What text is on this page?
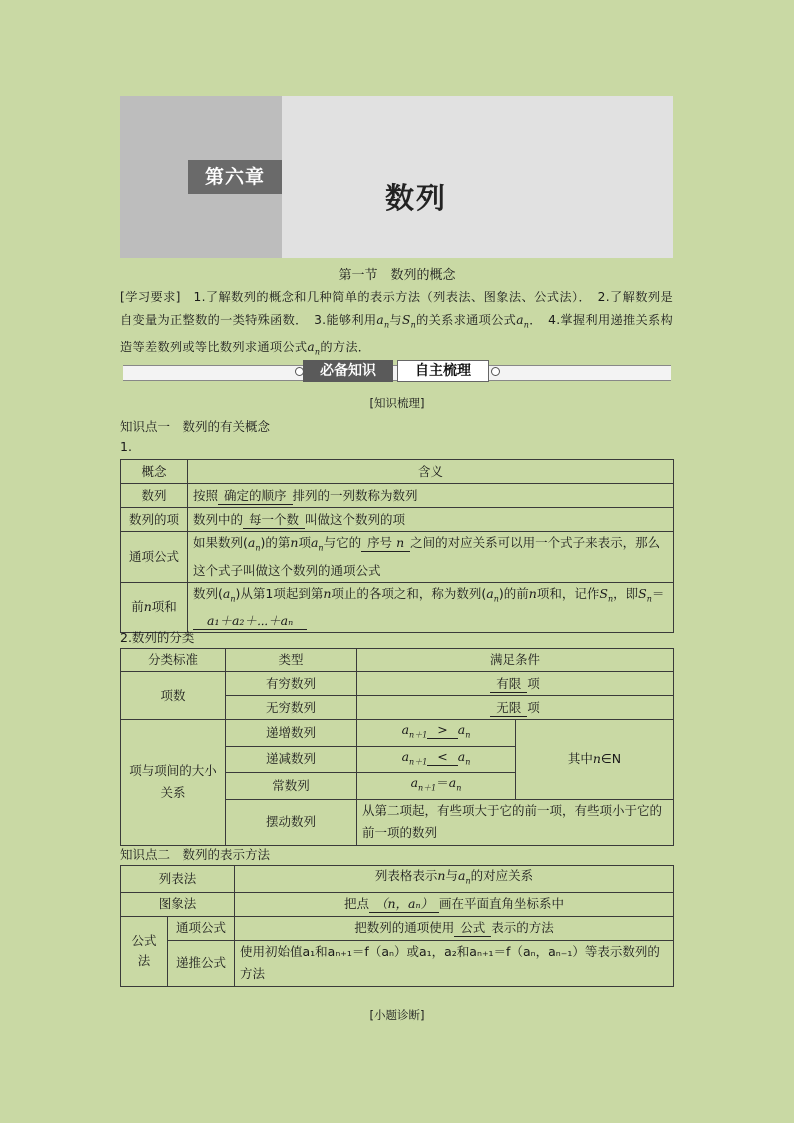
第六章
数列
第一节　数列的概念
[学习要求]　 1.了解数列的概念和几种简单的表示方法（列表法、图象法、公式法）．　2.了解数列是自变量为正整数的一类特殊函数．　3.能够利用$a_n$与$S_n$的关系求通项公式$a_n$．　4.掌握利用递推关系构造等差数列或等比数列求通项公式$a_n$的方法．
必备知识	自主梳理
[知识梳理]
知识点一　数列的有关概念
1.
概念	含义
数列	按照 确定的顺序 排列的一列数称为数列
数列的项	数列中的 每一个数 叫做这个数列的项
通项公式	如果数列$(a_n)$的第n项$a_n$与它的 序号 n 之间的对应关系可以用一个式子来表示，那么这个式子叫做这个数列的通项公式
前n项和	数列$(a_n)$从第1项起到第n项止的各项之和，称为数列$(a_n)$的前n项和，记作$S_n$，即$S_n=a_1+a_2+\cdots+a_n$
2.数列的分类
分类标准	类型	满足条件	
项数	有穷数列	有限 项	
	无穷数列	无限 项	
项与项间的大小关系	递增数列	$a_{n+1} > a_n$	其中n∈N
	递减数列	$a_{n+1} < a_n$
	常数列	$a_{n+1}=a_n$
	摆动数列	从第二项起，有些项大于它的前一项，有些项小于它的前一项的数列	
知识点二　数列的表示方法
列表法		列表格表示n与$a_n$的对应关系
图象法		把点 （n，aₙ） 画在平面直角坐标系中
公式法	通项公式	把数列的通项使用 公式 表示的方法
	递推公式	使用初始值a₁和aₙ₊₁＝f（aₙ）或a₁，a₂和aₙ₊₁＝f（aₙ，aₙ₋₁）等表示数列的方法
[小题诊断]
